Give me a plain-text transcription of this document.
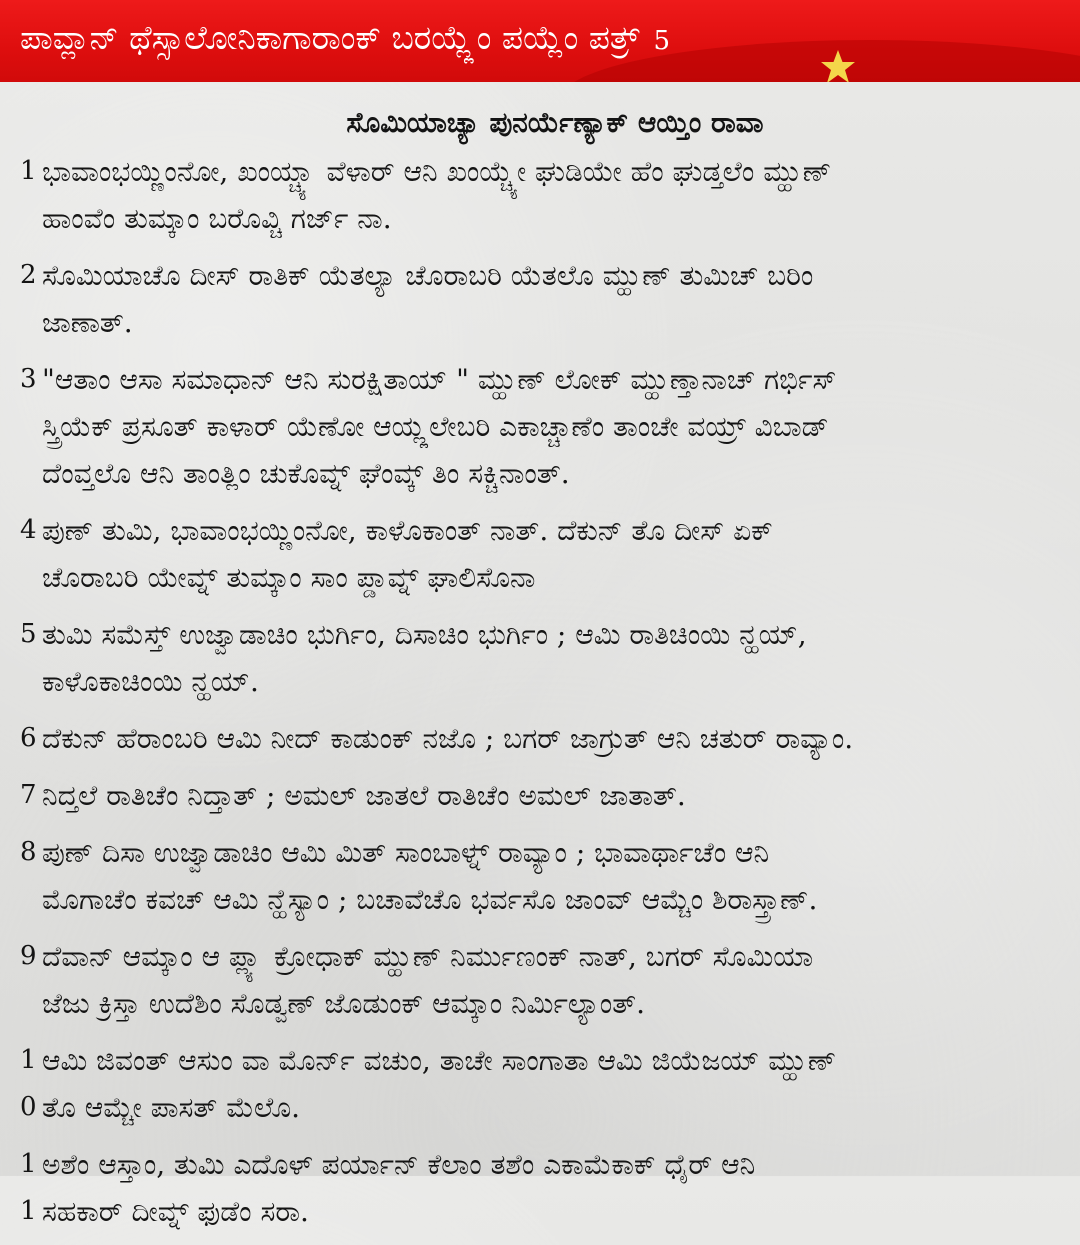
ಪಾವ್ಲಾನ್ ಥೆಸ್ಸಾಲೋನಿಕಾಗಾರಾಂಕ್ ಬರಯ್ಲ್ಲೆಂ ಪಯ್ಲೆಂ ಪತ್ರ್ 5
ಸೊಮಿಯಾಚ್ಯಾ ಪುನರ್ಯೆಣ್ಯಾಕ್ ಆಯ್ತಿಂ ರಾವಾ
1 ಭಾವಾಂಭಯ್ಣಿಂನೋ, ಖಂಯ್ಚ್ಯಾ ವೆಳಾರ್ ಆನಿ ಖಂಯ್ಚ್ಯೇ ಘುಡಿಯೇ ಹೆಂ ಘುಡ್ತಲೆಂ ಮ್ಹುಣ್
ಹಾಂವೆಂ ತುಮ್ಕಾಂ ಬರೊವ್ಚಿ ಗರ್ಜ್ ನಾ.
2 ಸೊಮಿಯಾಚೊ ದೀಸ್ ರಾತಿಕ್ ಯೆತಲ್ಯಾ ಚೊರಾಬರಿ ಯೆತಲೊ ಮ್ಹುಣ್ ತುಮಿಚ್ ಬರಿಂ
ಜಾಣಾತ್.
3 "ಆತಾಂ ಆಸಾ ಸಮಾಧಾನ್ ಆನಿ ಸುರಕ್ಷಿತಾಯ್ " ಮ್ಹುಣ್ ಲೋಕ್ ಮ್ಹುಣ್ತಾನಾಚ್ ಗರ್ಭಿಸ್
ಸ್ತ್ರಿಯೆಕ್ ಪ್ರಸೂತ್ ಕಾಳಾರ್ ಯೆಣೋ ಆಯ್ಲ್ಲಲೇಬರಿ ಎಕಾಚ್ಚಾಣೆಂ ತಾಂಚೇ ವಯ್ರ್ ವಿಬಾಡ್
ದೆಂವ್ತಲೊ ಆನಿ ತಾಂತ್ಲಿಂ ಚುಕೊವ್ನ್ ಘೆಂವ್ಕ್ ತಿಂ ಸಕ್ಚಿನಾಂತ್.
4 ಪುಣ್ ತುಮಿ, ಭಾವಾಂಭಯ್ಣಿಂನೋ, ಕಾಳೊಕಾಂತ್ ನಾತ್. ದೆಕುನ್ ತೊ ದೀಸ್ ಏಕ್
ಚೊರಾಬರಿ ಯೇವ್ನ್ ತುಮ್ಕಾಂ ಸಾಂ ಪ್ಡಾವ್ನ್ ಘಾಲಿಸೊನಾ
5 ತುಮಿ ಸಮೆಸ್ತ್ ಉಜ್ವಾಡಾಚಿಂ ಭುರ್ಗಿಂ, ದಿಸಾಚಿಂ ಭುರ್ಗಿಂ ; ಆಮಿ ರಾತಿಚಿಂಯಿ ನ್ಹಯ್,
ಕಾಳೊಕಾಚಿಂಯಿ ನ್ಹಯ್.
6 ದೆಕುನ್ ಹೆರಾಂಬರಿ ಆಮಿ ನೀದ್ ಕಾಡುಂಕ್ ನಜೊ ; ಬಗರ್ ಜಾಗ್ರುತ್ ಆನಿ ಚತುರ್ ರಾವ್ಯಾಂ.
7 ನಿದ್ತಲೆ ರಾತಿಚೆಂ ನಿದ್ತಾತ್ ; ಅಮಲ್ ಜಾತಲೆ ರಾತಿಚೆಂ ಅಮಲ್ ಜಾತಾತ್.
8 ಪುಣ್ ದಿಸಾ ಉಜ್ವಾಡಾಚಿಂ ಆಮಿ ಮಿತ್ ಸಾಂಬಾಳ್ನ್ ರಾವ್ಯಾಂ ; ಭಾವಾರ್ಥಾಚೆಂ ಆನಿ
ಮೊಗಾಚೆಂ ಕವಚ್ ಆಮಿ ನ್ಹೆಸ್ಯಾಂ ; ಬಚಾವೆಚೊ ಭರ್ವಸೊ ಜಾಂವ್ ಆಮ್ಚೆಂ ಶಿರಾಸ್ತ್ರಾಣ್.
9 ದೆವಾನ್ ಆಮ್ಕಾಂ ಆ ಪ್ಲ್ಯಾ ಕ್ರೋಧಾಕ್ ಮ್ಹುಣ್ ನಿರ್ಮುಣಂಕ್ ನಾತ್, ಬಗರ್ ಸೊಮಿಯಾ
ಜೆಜು ಕ್ರಿಸ್ತಾ ಉದೆಶಿಂ ಸೊಡ್ವಣ್ ಜೊಡುಂಕ್ ಆಮ್ಕಾಂ ನಿರ್ಮಿಲ್ಯಾಂತ್.
10
ಆಮಿ ಜಿವಂತ್ ಆಸುಂ ವಾ ಮೊರ್ನ್ ವಚುಂ, ತಾಚೇ ಸಾಂಗಾತಾ ಆಮಿ ಜಿಯೆಜಯ್ ಮ್ಹುಣ್
ತೊ ಆಮ್ಚೇ ಪಾಸತ್ ಮೆಲೊ.
11
ಅಶೆಂ ಆಸ್ತಾಂ, ತುಮಿ ಎದೊಳ್ ಪರ್ಯಾನ್ ಕೆಲಾಂ ತಶೆಂ ಎಕಾಮೆಕಾಕ್ ಧೈರ್ ಆನಿ
ಸಹಕಾರ್ ದೀವ್ನ್ ಫುಡೆಂ ಸರಾ.
